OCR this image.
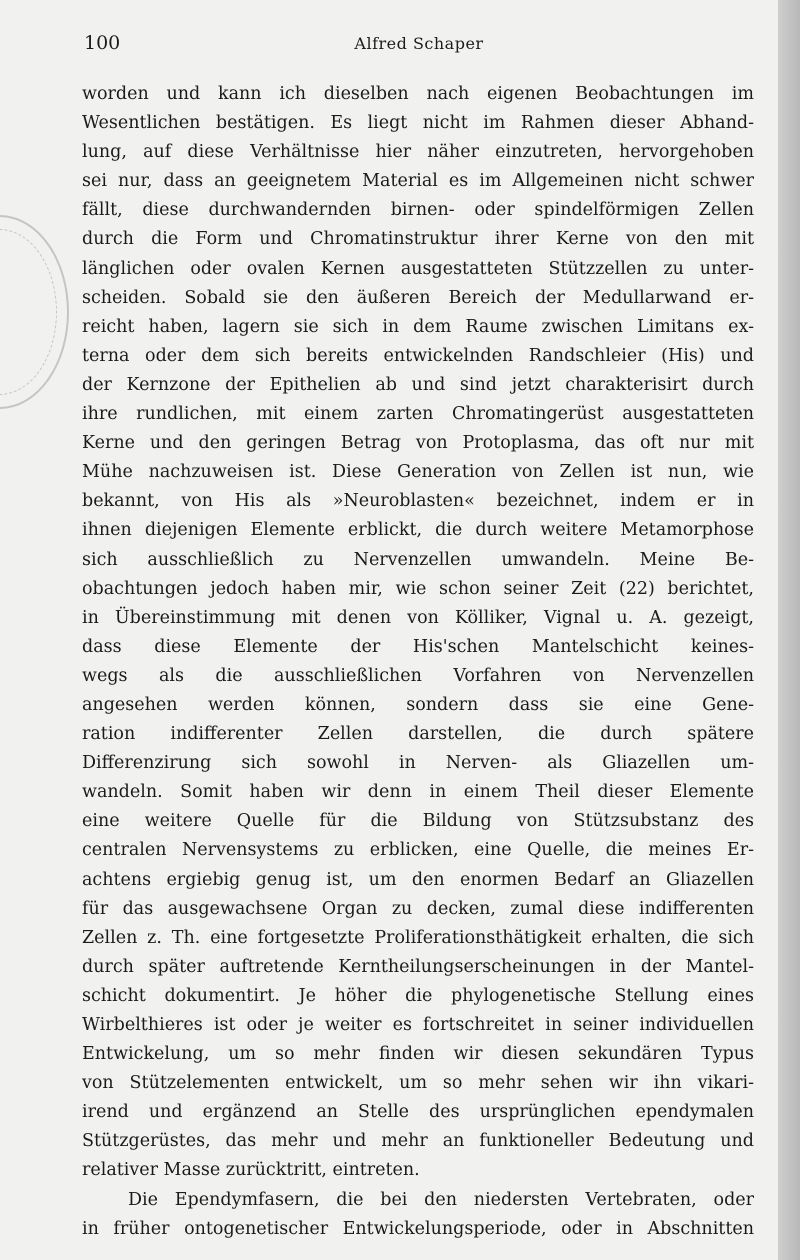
100	Alfred Schaper
worden und kann ich dieselben nach eigenen Beobachtungen im
Wesentlichen bestätigen. Es liegt nicht im Rahmen dieser Abhand-
lung, auf diese Verhältnisse hier näher einzutreten, hervorgehoben
sei nur, dass an geeignetem Material es im Allgemeinen nicht schwer
fällt, diese durchwandernden birnen- oder spindelförmigen Zellen
durch die Form und Chromatinstruktur ihrer Kerne von den mit
länglichen oder ovalen Kernen ausgestatteten Stützzellen zu unter-
scheiden. Sobald sie den äußeren Bereich der Medullarwand er-
reicht haben, lagern sie sich in dem Raume zwischen Limitans ex-
terna oder dem sich bereits entwickelnden Randschleier (His) und
der Kernzone der Epithelien ab und sind jetzt charakterisirt durch
ihre rundlichen, mit einem zarten Chromatingerüst ausgestatteten
Kerne und den geringen Betrag von Protoplasma, das oft nur mit
Mühe nachzuweisen ist. Diese Generation von Zellen ist nun, wie
bekannt, von His als »Neuroblasten« bezeichnet, indem er in
ihnen diejenigen Elemente erblickt, die durch weitere Metamorphose
sich ausschließlich zu Nervenzellen umwandeln. Meine Be-
obachtungen jedoch haben mir, wie schon seiner Zeit (22) berichtet,
in Übereinstimmung mit denen von Kölliker, Vignal u. A. gezeigt,
dass diese Elemente der His'schen Mantelschicht keines-
wegs als die ausschließlichen Vorfahren von Nervenzellen
angesehen werden können, sondern dass sie eine Gene-
ration indifferenter Zellen darstellen, die durch spätere
Differenzirung sich sowohl in Nerven- als Gliazellen um-
wandeln. Somit haben wir denn in einem Theil dieser Elemente
eine weitere Quelle für die Bildung von Stützsubstanz des
centralen Nervensystems zu erblicken, eine Quelle, die meines Er-
achtens ergiebig genug ist, um den enormen Bedarf an Gliazellen
für das ausgewachsene Organ zu decken, zumal diese indifferenten
Zellen z. Th. eine fortgesetzte Proliferationsthätigkeit erhalten, die sich
durch später auftretende Kerntheilungserscheinungen in der Mantel-
schicht dokumentirt. Je höher die phylogenetische Stellung eines
Wirbelthieres ist oder je weiter es fortschreitet in seiner individuellen
Entwickelung, um so mehr finden wir diesen sekundären Typus
von Stützelementen entwickelt, um so mehr sehen wir ihn vikari-
irend und ergänzend an Stelle des ursprünglichen ependymalen
Stützgerüstes, das mehr und mehr an funktioneller Bedeutung und
relativer Masse zurücktritt, eintreten.
Die Ependymfasern, die bei den niedersten Vertebraten, oder
in früher ontogenetischer Entwickelungsperiode, oder in Abschnitten
